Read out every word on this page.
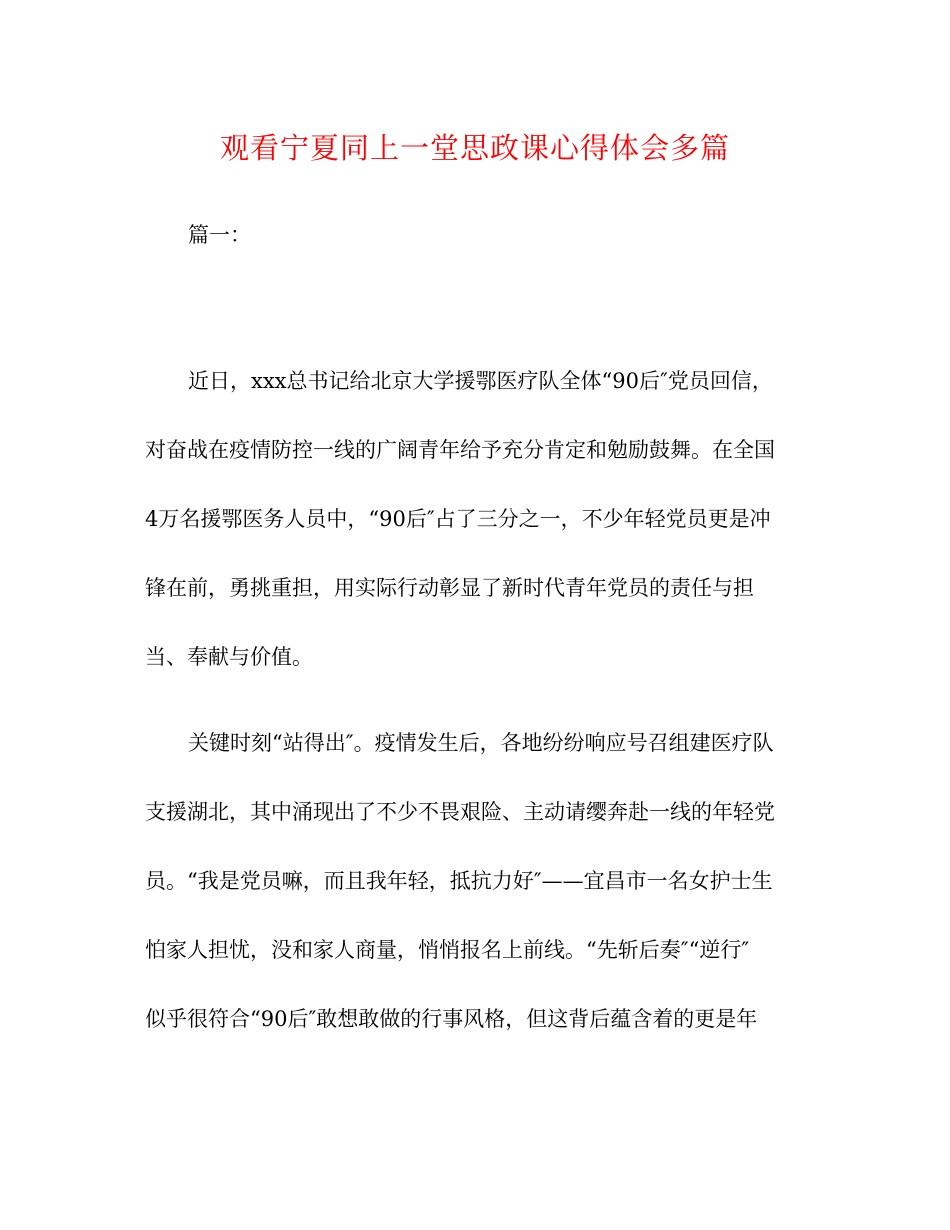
观看宁夏同上一堂思政课心得体会多篇

篇一：

近日，xxx总书记给北京大学援鄂医疗队全体“90后″党员回信，

对奋战在疫情防控一线的广阔青年给予充分肯定和勉励鼓舞。在全国

4万名援鄂医务人员中，“90后″占了三分之一，不少年轻党员更是冲

锋在前，勇挑重担，用实际行动彰显了新时代青年党员的责任与担

当、奉献与价值。

关键时刻“站得出″。疫情发生后，各地纷纷响应号召组建医疗队

支援湖北，其中涌现出了不少不畏艰险、主动请缨奔赴一线的年轻党

员。“我是党员嘛，而且我年轻，抵抗力好″——宜昌市一名女护士生

怕家人担忧，没和家人商量，悄悄报名上前线。“先斩后奏″“逆行″

似乎很符合“90后″敢想敢做的行事风格，但这背后蕴含着的更是年
